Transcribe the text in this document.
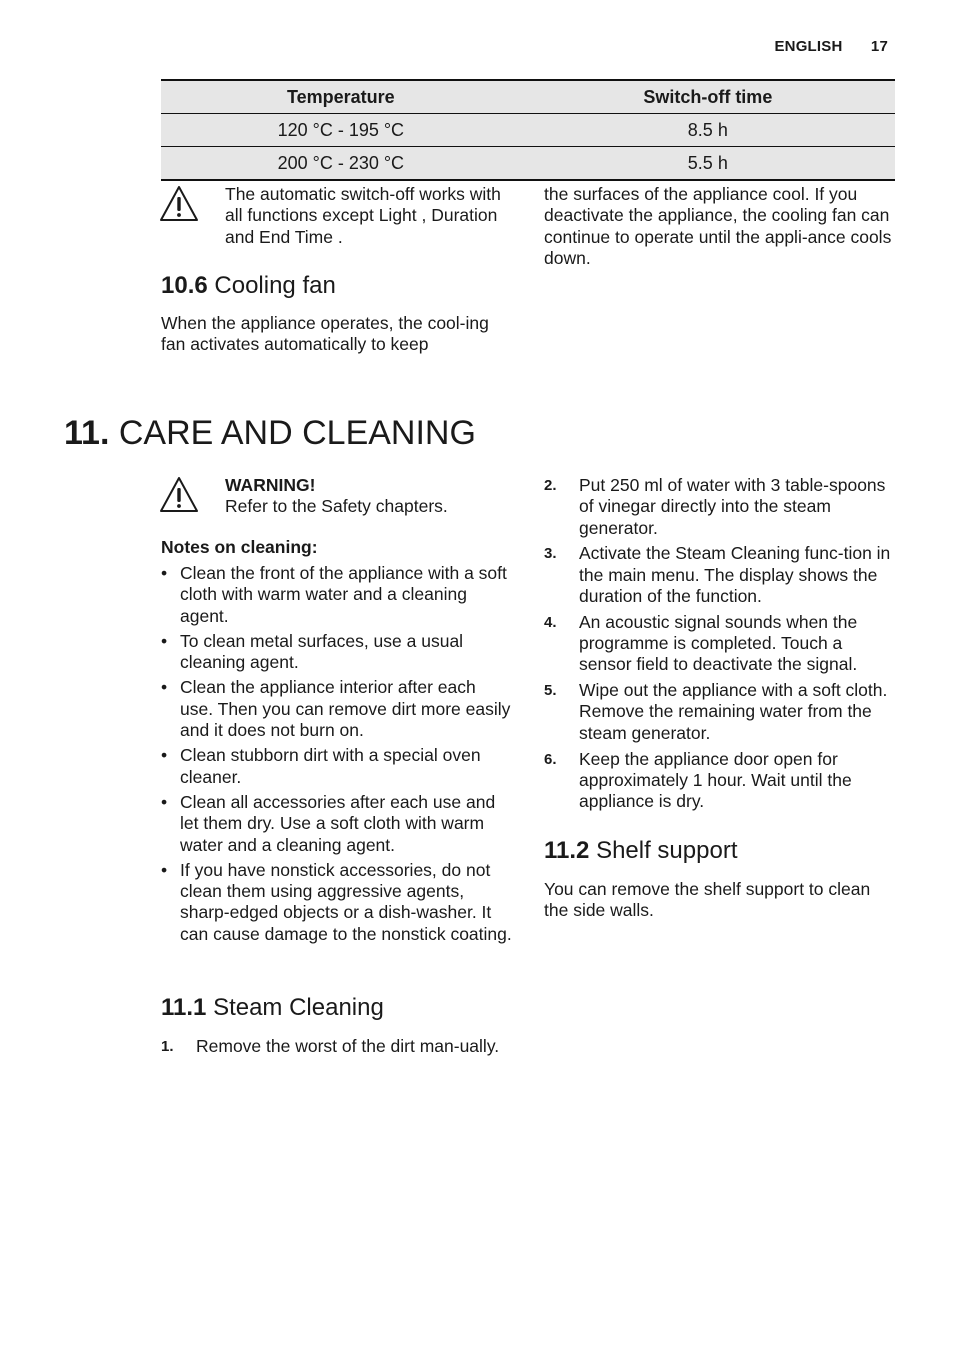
ENGLISH 17
Temperature	Switch-off time
120 °C - 195 °C	8.5 h
200 °C - 230 °C	5.5 h
The automatic switch-off works with all functions except Light , Duration and End Time .
10.6 Cooling fan
When the appliance operates, the cool-ing fan activates automatically to keep
the surfaces of the appliance cool. If you deactivate the appliance, the cooling fan can continue to operate until the appli-ance cools down.
11. CARE AND CLEANING
WARNING!
Refer to the Safety chapters.
Notes on cleaning:
• Clean the front of the appliance with a soft cloth with warm water and a cleaning agent.
• To clean metal surfaces, use a usual cleaning agent.
• Clean the appliance interior after each use. Then you can remove dirt more easily and it does not burn on.
• Clean stubborn dirt with a special oven cleaner.
• Clean all accessories after each use and let them dry. Use a soft cloth with warm water and a cleaning agent.
• If you have nonstick accessories, do not clean them using aggressive agents, sharp-edged objects or a dish-washer. It can cause damage to the nonstick coating.
11.1 Steam Cleaning
1. Remove the worst of the dirt man-ually.
2. Put 250 ml of water with 3 table-spoons of vinegar directly into the steam generator.
3. Activate the Steam Cleaning func-tion in the main menu. The display shows the duration of the function.
4. An acoustic signal sounds when the programme is completed. Touch a sensor field to deactivate the signal.
5. Wipe out the appliance with a soft cloth. Remove the remaining water from the steam generator.
6. Keep the appliance door open for approximately 1 hour. Wait until the appliance is dry.
11.2 Shelf support
You can remove the shelf support to clean the side walls.
